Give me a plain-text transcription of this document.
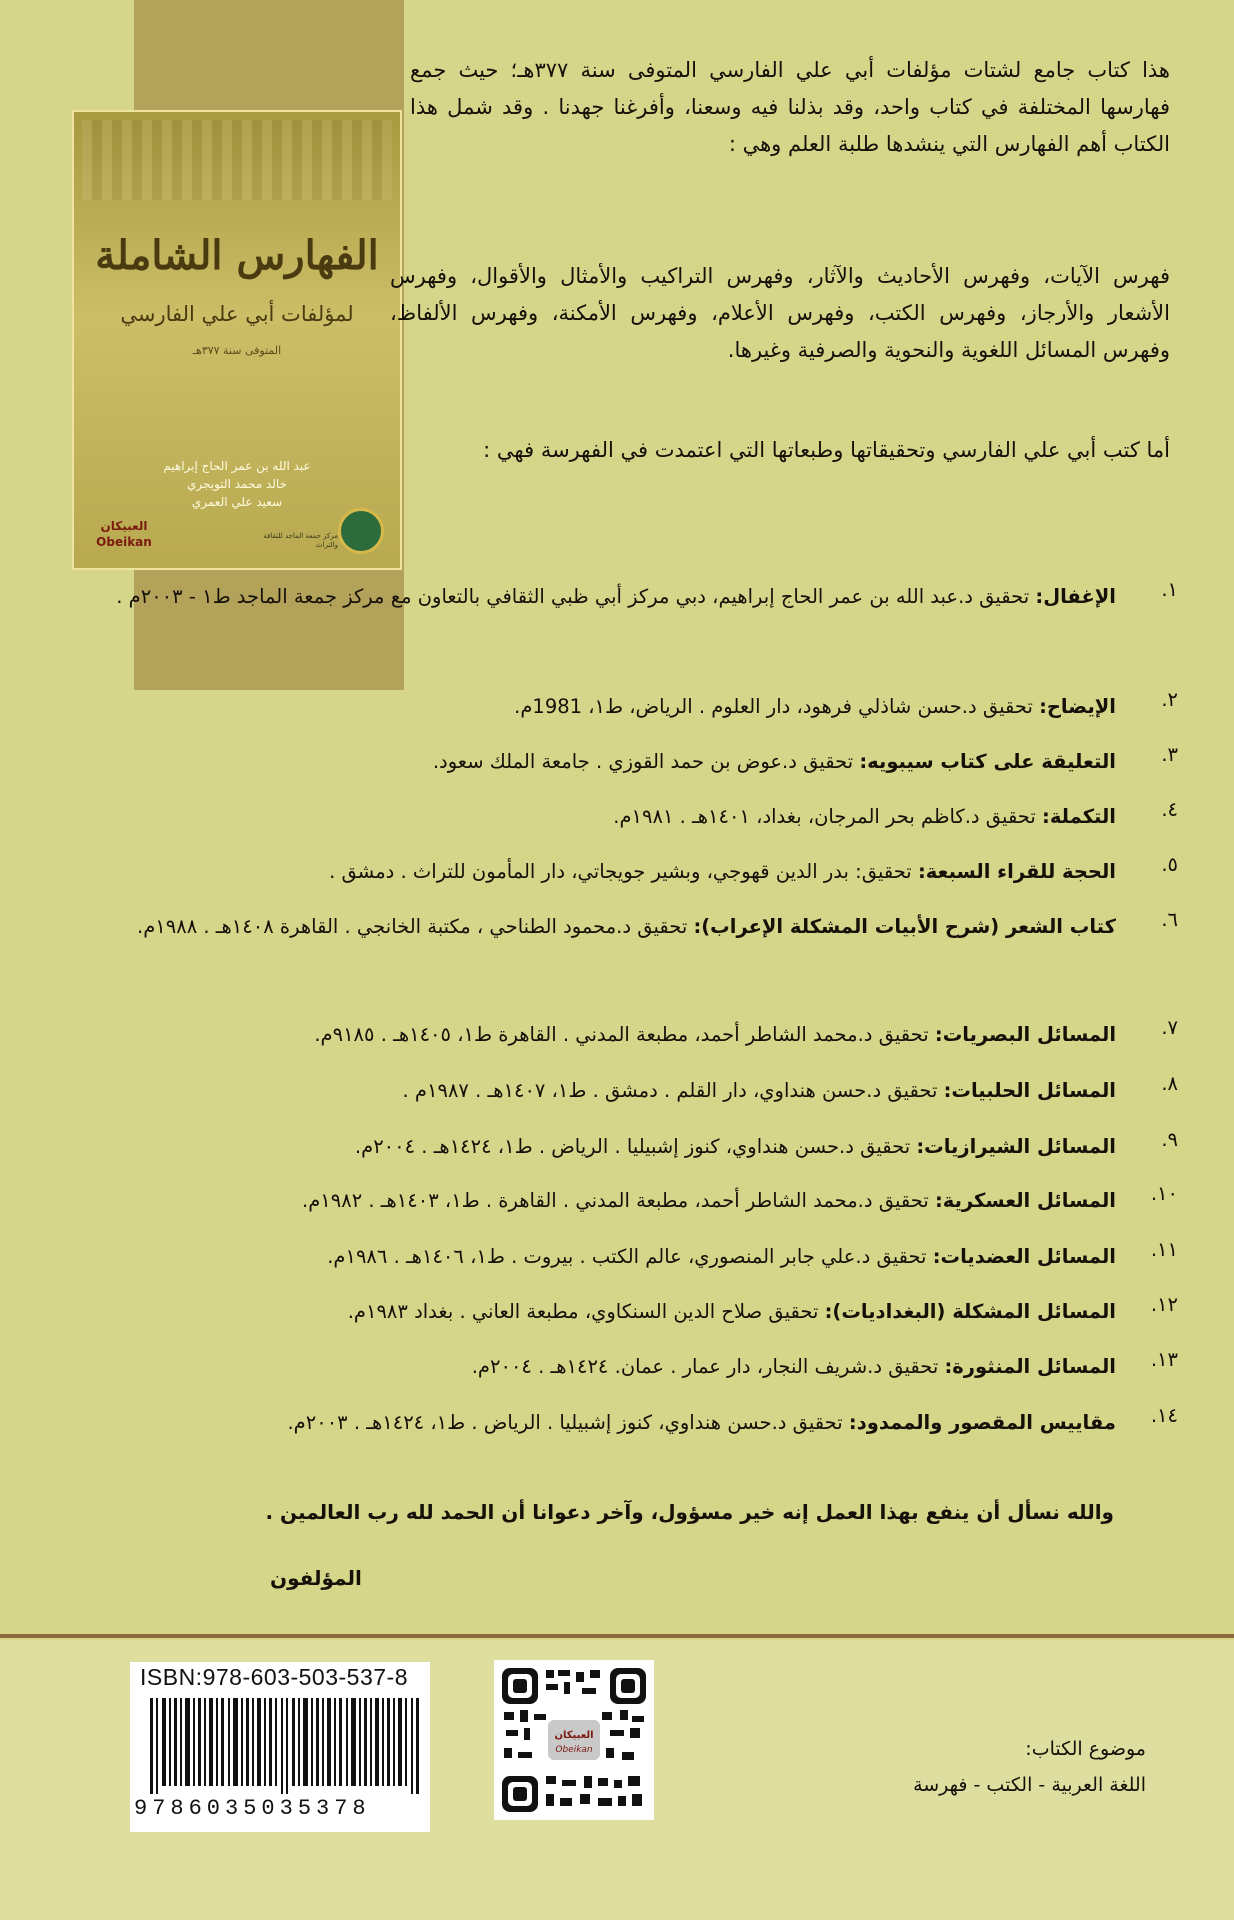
الفهارس الشاملة
لمؤلفات أبي علي الفارسي
المتوفى سنة ٣٧٧هـ
عبد الله بن عمر الحاج إبراهيم
خالد محمد التويجري
سعيد علي العمري
العبيكان Obeikan	مركز جمعة الماجد للثقافة والتراث
هذا كتاب جامع لشتات مؤلفات أبي علي الفارسي المتوفى سنة ٣٧٧هـ؛ حيث جمع فهارسها المختلفة في كتاب واحد، وقد بذلنا فيه وسعنا، وأفرغنا جهدنا . وقد شمل هذا الكتاب أهم الفهارس التي ينشدها طلبة العلم وهي :
فهرس الآيات، وفهرس الأحاديث والآثار، وفهرس التراكيب والأمثال والأقوال، وفهرس الأشعار والأرجاز، وفهرس الكتب، وفهرس الأعلام، وفهرس الأمكنة، وفهرس الألفاظ، وفهرس المسائل اللغوية والنحوية والصرفية وغيرها.
أما كتب أبي علي الفارسي وتحقيقاتها وطبعاتها التي اعتمدت في الفهرسة فهي :
١.
الإغفال: تحقيق د.عبد الله بن عمر الحاج إبراهيم، دبي مركز أبي ظبي الثقافي بالتعاون مع مركز جمعة الماجد ط١ - ٢٠٠٣م .
٢.
الإيضاح: تحقيق د.حسن شاذلي فرهود، دار العلوم . الرياض، ط١، 1981م.
٣.
التعليقة على كتاب سيبويه: تحقيق د.عوض بن حمد القوزي . جامعة الملك سعود.
٤.
التكملة: تحقيق د.كاظم بحر المرجان، بغداد، ١٤٠١هـ . ١٩٨١م.
٥.
الحجة للقراء السبعة: تحقيق: بدر الدين قهوجي، وبشير جويجاتي، دار المأمون للتراث . دمشق .
٦.
كتاب الشعر (شرح الأبيات المشكلة الإعراب): تحقيق د.محمود الطناحي ، مكتبة الخانجي . القاهرة ١٤٠٨هـ . ١٩٨٨م.
٧.
المسائل البصريات: تحقيق د.محمد الشاطر أحمد، مطبعة المدني . القاهرة ط١، ١٤٠٥هـ . ٩١٨٥م.
٨.
المسائل الحلبيات: تحقيق د.حسن هنداوي، دار القلم . دمشق . ط١، ١٤٠٧هـ . ١٩٨٧م .
٩.
المسائل الشيرازيات: تحقيق د.حسن هنداوي، كنوز إشبيليا . الرياض . ط١، ١٤٢٤هـ . ٢٠٠٤م.
١٠.
المسائل العسكرية: تحقيق د.محمد الشاطر أحمد، مطبعة المدني . القاهرة . ط١، ١٤٠٣هـ . ١٩٨٢م.
١١.
المسائل العضديات: تحقيق د.علي جابر المنصوري، عالم الكتب . بيروت . ط١، ١٤٠٦هـ . ١٩٨٦م.
١٢.
المسائل المشكلة (البغداديات): تحقيق صلاح الدين السنكاوي، مطبعة العاني . بغداد ١٩٨٣م.
١٣.
المسائل المنثورة: تحقيق د.شريف النجار، دار عمار . عمان. ١٤٢٤هـ . ٢٠٠٤م.
١٤.
مقاييس المقصور والممدود: تحقيق د.حسن هنداوي، كنوز إشبيليا . الرياض . ط١، ١٤٢٤هـ . ٢٠٠٣م.
والله نسأل أن ينفع بهذا العمل إنه خير مسؤول، وآخر دعوانا أن الحمد لله رب العالمين .
المؤلفون
ISBN:978-603-503-537-8
9786035035378
العبيكان
Obeikan	موضوع الكتاب:
اللغة العربية - الكتب - فهرسة
